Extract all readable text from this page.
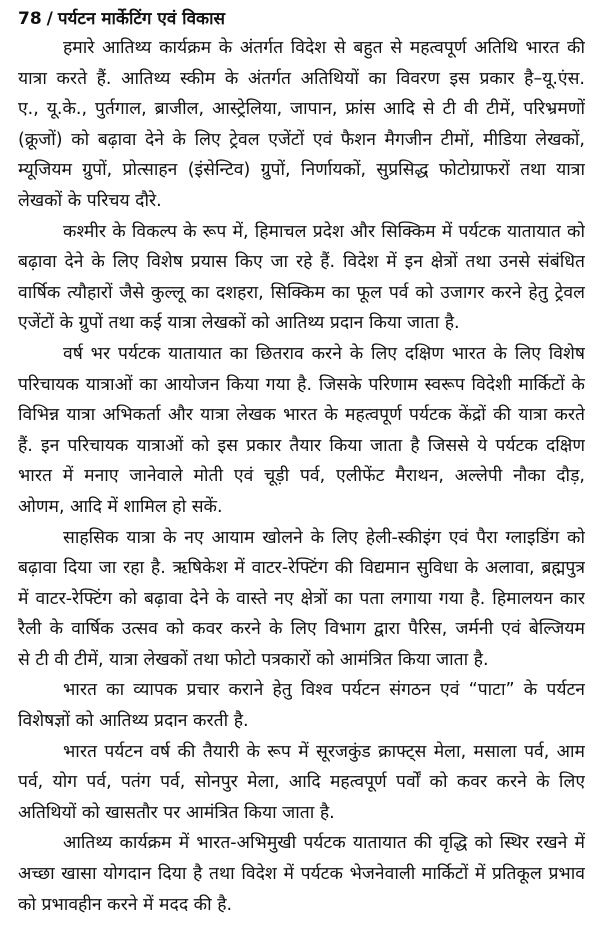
78 / पर्यटन मार्केटिंग एवं विकास
हमारे आतिथ्य कार्यक्रम के अंतर्गत विदेश से बहुत से महत्वपूर्ण अतिथि भारत की
यात्रा करते हैं. आतिथ्य स्कीम के अंतर्गत अतिथियों का विवरण इस प्रकार है–यू.एंस.
ए., यू.के., पुर्तगाल, ब्राजील, आस्ट्रेलिया, जापान, फ्रांस आदि से टी वी टीमें, परिभ्रमणों
(क्रूजों) को बढ़ावा देने के लिए ट्रेवल एजेंटों एवं फैशन मैगजीन टीमों, मीडिया लेखकों,
म्यूजियम ग्रुपों, प्रोत्साहन (इंसेन्टिव) ग्रुपों, निर्णायकों, सुप्रसिद्ध फोटोग्राफरों तथा यात्रा
लेखकों के परिचय दौरे.
कश्मीर के विकल्प के रूप में, हिमाचल प्रदेश और सिक्किम में पर्यटक यातायात को
बढ़ावा देने के लिए विशेष प्रयास किए जा रहे हैं. विदेश में इन क्षेत्रों तथा उनसे संबंधित
वार्षिक त्यौहारों जैसे कुल्लू का दशहरा, सिक्किम का फूल पर्व को उजागर करने हेतु ट्रेवल
एजेंटों के ग्रुपों तथा कई यात्रा लेखकों को आतिथ्य प्रदान किया जाता है.
वर्ष भर पर्यटक यातायात का छितराव करने के लिए दक्षिण भारत के लिए विशेष
परिचायक यात्राओं का आयोजन किया गया है. जिसके परिणाम स्वरूप विदेशी मार्किटों के
विभिन्न यात्रा अभिकर्ता और यात्रा लेखक भारत के महत्वपूर्ण पर्यटक केंद्रों की यात्रा करते
हैं. इन परिचायक यात्राओं को इस प्रकार तैयार किया जाता है जिससे ये पर्यटक दक्षिण
भारत में मनाए जानेवाले मोती एवं चूड़ी पर्व, एलीफेंट मैराथन, अल्लेपी नौका दौड़,
ओणम, आदि में शामिल हो सकें.
साहसिक यात्रा के नए आयाम खोलने के लिए हेली-स्कीइंग एवं पैरा ग्लाइडिंग को
बढ़ावा दिया जा रहा है. ऋषिकेश में वाटर-रेफ्टिंग की विद्यमान सुविधा के अलावा, ब्रह्मपुत्र
में वाटर-रेफ्टिंग को बढ़ावा देने के वास्ते नए क्षेत्रों का पता लगाया गया है. हिमालयन कार
रैली के वार्षिक उत्सव को कवर करने के लिए विभाग द्वारा पैरिस, जर्मनी एवं बेल्जियम
से टी वी टीमें, यात्रा लेखकों तथा फोटो पत्रकारों को आमंत्रित किया जाता है.
भारत का व्यापक प्रचार कराने हेतु विश्व पर्यटन संगठन एवं “पाटा” के पर्यटन
विशेषज्ञों को आतिथ्य प्रदान करती है.
भारत पर्यटन वर्ष की तैयारी के रूप में सूरजकुंड क्राफ्ट्स मेला, मसाला पर्व, आम
पर्व, योग पर्व, पतंग पर्व, सोनपुर मेला, आदि महत्वपूर्ण पर्वों को कवर करने के लिए
अतिथियों को खासतौर पर आमंत्रित किया जाता है.
आतिथ्य कार्यक्रम में भारत-अभिमुखी पर्यटक यातायात की वृद्धि को स्थिर रखने में
अच्छा खासा योगदान दिया है तथा विदेश में पर्यटक भेजनेवाली मार्किटों में प्रतिकूल प्रभाव
को प्रभावहीन करने में मदद की है.
